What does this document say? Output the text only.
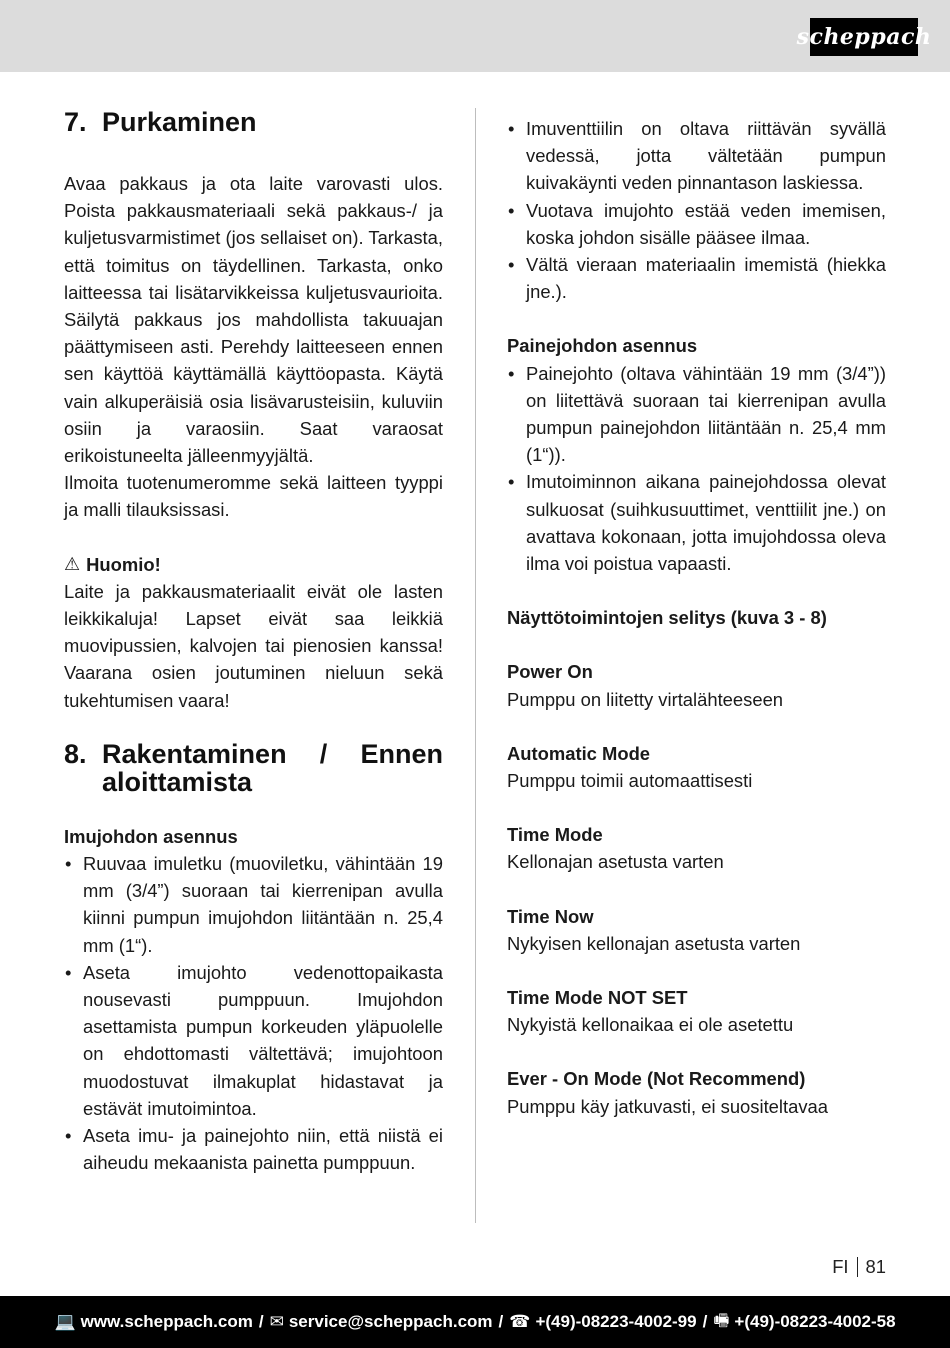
scheppach
7. Purkaminen

Avaa pakkaus ja ota laite varovasti ulos. Poista pakkausmateriaali sekä pakkaus-/ ja kuljetusvarmistimet (jos sellaiset on). Tarkasta, että toimitus on täydellinen. Tarkasta, onko laitteessa tai lisätarvikkeissa kuljetusvaurioita. Säilytä pakkaus jos mahdollista takuuajan päättymiseen asti. Perehdy laitteeseen ennen sen käyttöä käyttämällä käyttöopasta. Käytä vain alkuperäisiä osia lisävarusteisiin, kuluviin osiin ja varaosiin. Saat varaosat erikoistuneelta jälleenmyyjältä.

Ilmoita tuotenumeromme sekä laitteen tyyppi ja malli tilauksissasi.

⚠ Huomio!

Laite ja pakkausmateriaalit eivät ole lasten leikkikaluja! Lapset eivät saa leikkiä muovipussien, kalvojen tai pienosien kanssa! Vaarana osien joutuminen nieluun sekä tukehtumisen vaara!

8. Rakentaminen / Ennen aloittamista

Imujohdon asennus

• Ruuvaa imuletku (muoviletku, vähintään 19 mm (3/4”) suoraan tai kierrenipan avulla kiinni pumpun imujohdon liitäntään n. 25,4 mm (1“).
• Aseta imujohto vedenottopaikasta nousevasti pumppuun. Imujohdon asettamista pumpun korkeuden yläpuolelle on ehdottomasti vältettävä; imujohtoon muodostuvat ilmakuplat hidastavat ja estävät imutoimintoa.
• Aseta imu- ja painejohto niin, että niistä ei aiheudu mekaanista painetta pumppuun.
• Imuventtiilin on oltava riittävän syvällä vedessä, jotta vältetään pumpun kuivakäynti veden pinnantason laskiessa.
• Vuotava imujohto estää veden imemisen, koska johdon sisälle pääsee ilmaa.
• Vältä vieraan materiaalin imemistä (hiekka jne.).

Painejohdon asennus

• Painejohto (oltava vähintään 19 mm (3/4”)) on liitettävä suoraan tai kierrenipan avulla pumpun painejohdon liitäntään n. 25,4 mm (1“)).
• Imutoiminnon aikana painejohdossa olevat sulkuosat (suihkusuuttimet, venttiilit jne.) on avattava kokonaan, jotta imujohdossa oleva ilma voi poistua vapaasti.

Näyttötoimintojen selitys (kuva 3 - 8)

Power On

Pumppu on liitetty virtalähteeseen

Automatic Mode

Pumppu toimii automaattisesti

Time Mode

Kellonajan asetusta varten

Time Now

Nykyisen kellonajan asetusta varten

Time Mode NOT SET

Nykyistä kellonaikaa ei ole asetettu

Ever - On Mode (Not Recommend)

Pumppu käy jatkuvasti, ei suositeltavaa

FI 81
💻 www.scheppach.com / ✉ service@scheppach.com / ☎ +(49)-08223-4002-99 / 🖷 +(49)-08223-4002-58
